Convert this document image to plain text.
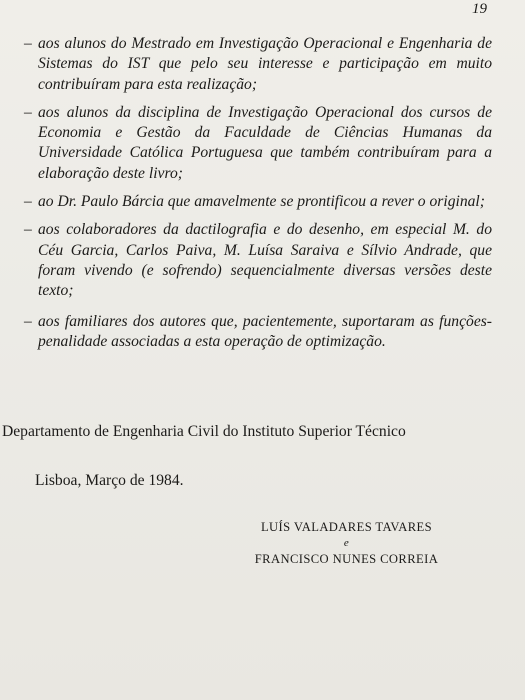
19
– aos alunos do Mestrado em Investigação Operacional e Engenharia de Sistemas do IST que pelo seu interesse e participação em muito contribuíram para esta realização;
– aos alunos da disciplina de Investigação Operacional dos cursos de Economia e Gestão da Faculdade de Ciências Humanas da Universidade Católica Portuguesa que também contribuíram para a elaboração deste livro;
– ao Dr. Paulo Bárcia que amavelmente se prontificou a rever o original;
– aos colaboradores da dactilografia e do desenho, em especial M. do Céu Garcia, Carlos Paiva, M. Luísa Saraiva e Sílvio Andrade, que foram vivendo (e sofrendo) sequencialmente diversas versões deste texto;
– aos familiares dos autores que, pacientemente, suportaram as funções-penalidade associadas a esta operação de optimização.
Departamento de Engenharia Civil do Instituto Superior Técnico
Lisboa, Março de 1984.
LUÍS VALADARES TAVARES
e
FRANCISCO NUNES CORREIA
